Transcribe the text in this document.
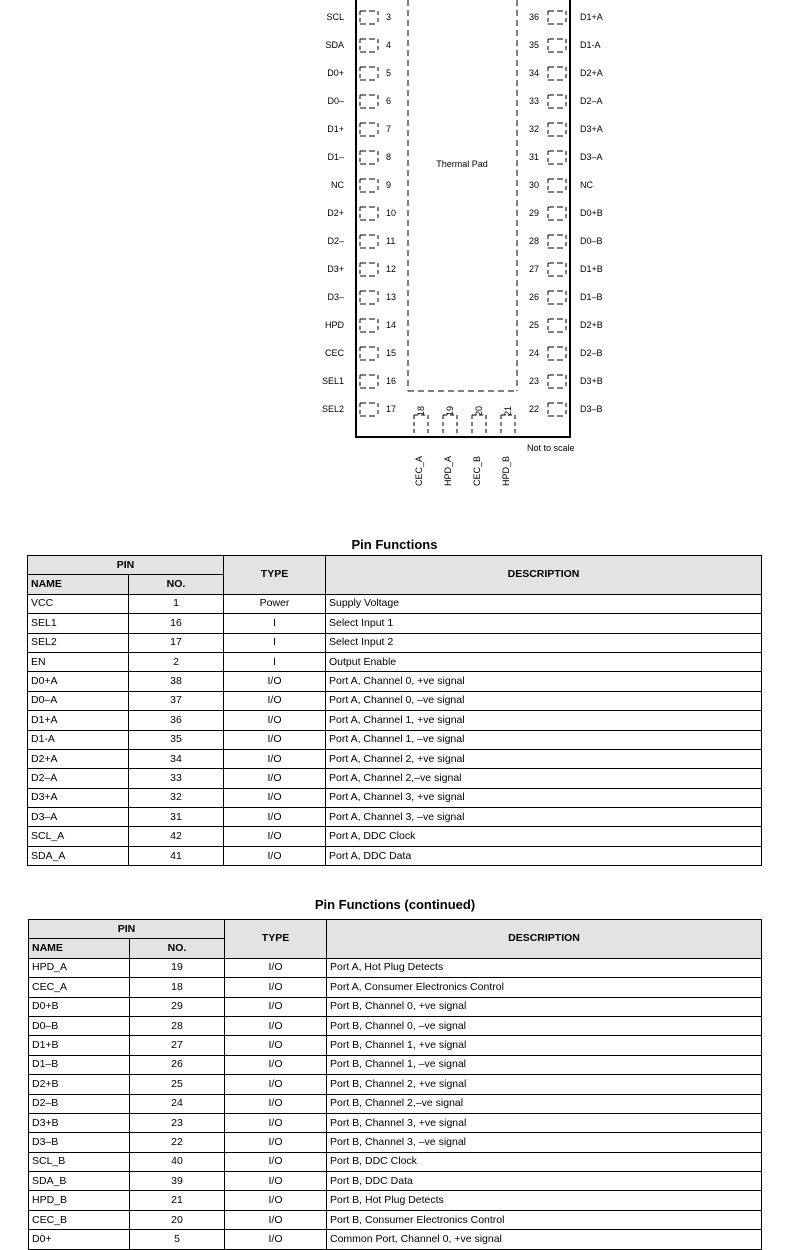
Thermal Pad
SCL	3
SDA	4
D0+	5
D0–	6
D1+	7
D1–	8
NC	9
D2+	10
D2–	11
D3+	12
D3–	13
HPD	14
CEC	15
SEL1	16
SEL2	17
36	D1+A
35	D1-A
34	D2+A
33	D2–A
32	D3+A
31	D3–A
30	NC
29	D0+B
28	D0–B
27	D1+B
26	D1–B
25	D2+B
24	D2–B
23	D3+B
22	D3–B
18
CEC_A
19
HPD_A
20
CEC_B
21
HPD_B
Not to scale
Pin Functions
PIN		TYPE	DESCRIPTION
NAME	NO.		
VCC	1	Power	Supply Voltage
SEL1	16	I	Select Input 1
SEL2	17	I	Select Input 2
EN	2	I	Output Enable
D0+A	38	I/O	Port A, Channel 0, +ve signal
D0–A	37	I/O	Port A, Channel 0, –ve signal
D1+A	36	I/O	Port A, Channel 1, +ve signal
D1-A	35	I/O	Port A, Channel 1, –ve signal
D2+A	34	I/O	Port A, Channel 2, +ve signal
D2–A	33	I/O	Port A, Channel 2,–ve signal
D3+A	32	I/O	Port A, Channel 3, +ve signal
D3–A	31	I/O	Port A, Channel 3, –ve signal
SCL_A	42	I/O	Port A, DDC Clock
SDA_A	41	I/O	Port A, DDC Data
Pin Functions (continued)
PIN		TYPE	DESCRIPTION
NAME	NO.		
HPD_A	19	I/O	Port A, Hot Plug Detects
CEC_A	18	I/O	Port A, Consumer Electronics Control
D0+B	29	I/O	Port B, Channel 0, +ve signal
D0–B	28	I/O	Port B, Channel 0, –ve signal
D1+B	27	I/O	Port B, Channel 1, +ve signal
D1–B	26	I/O	Port B, Channel 1, –ve signal
D2+B	25	I/O	Port B, Channel 2, +ve signal
D2–B	24	I/O	Port B, Channel 2,–ve signal
D3+B	23	I/O	Port B, Channel 3, +ve signal
D3–B	22	I/O	Port B, Channel 3, –ve signal
SCL_B	40	I/O	Port B, DDC Clock
SDA_B	39	I/O	Port B, DDC Data
HPD_B	21	I/O	Port B, Hot Plug Detects
CEC_B	20	I/O	Port B, Consumer Electronics Control
D0+	5	I/O	Common Port, Channel 0, +ve signal
